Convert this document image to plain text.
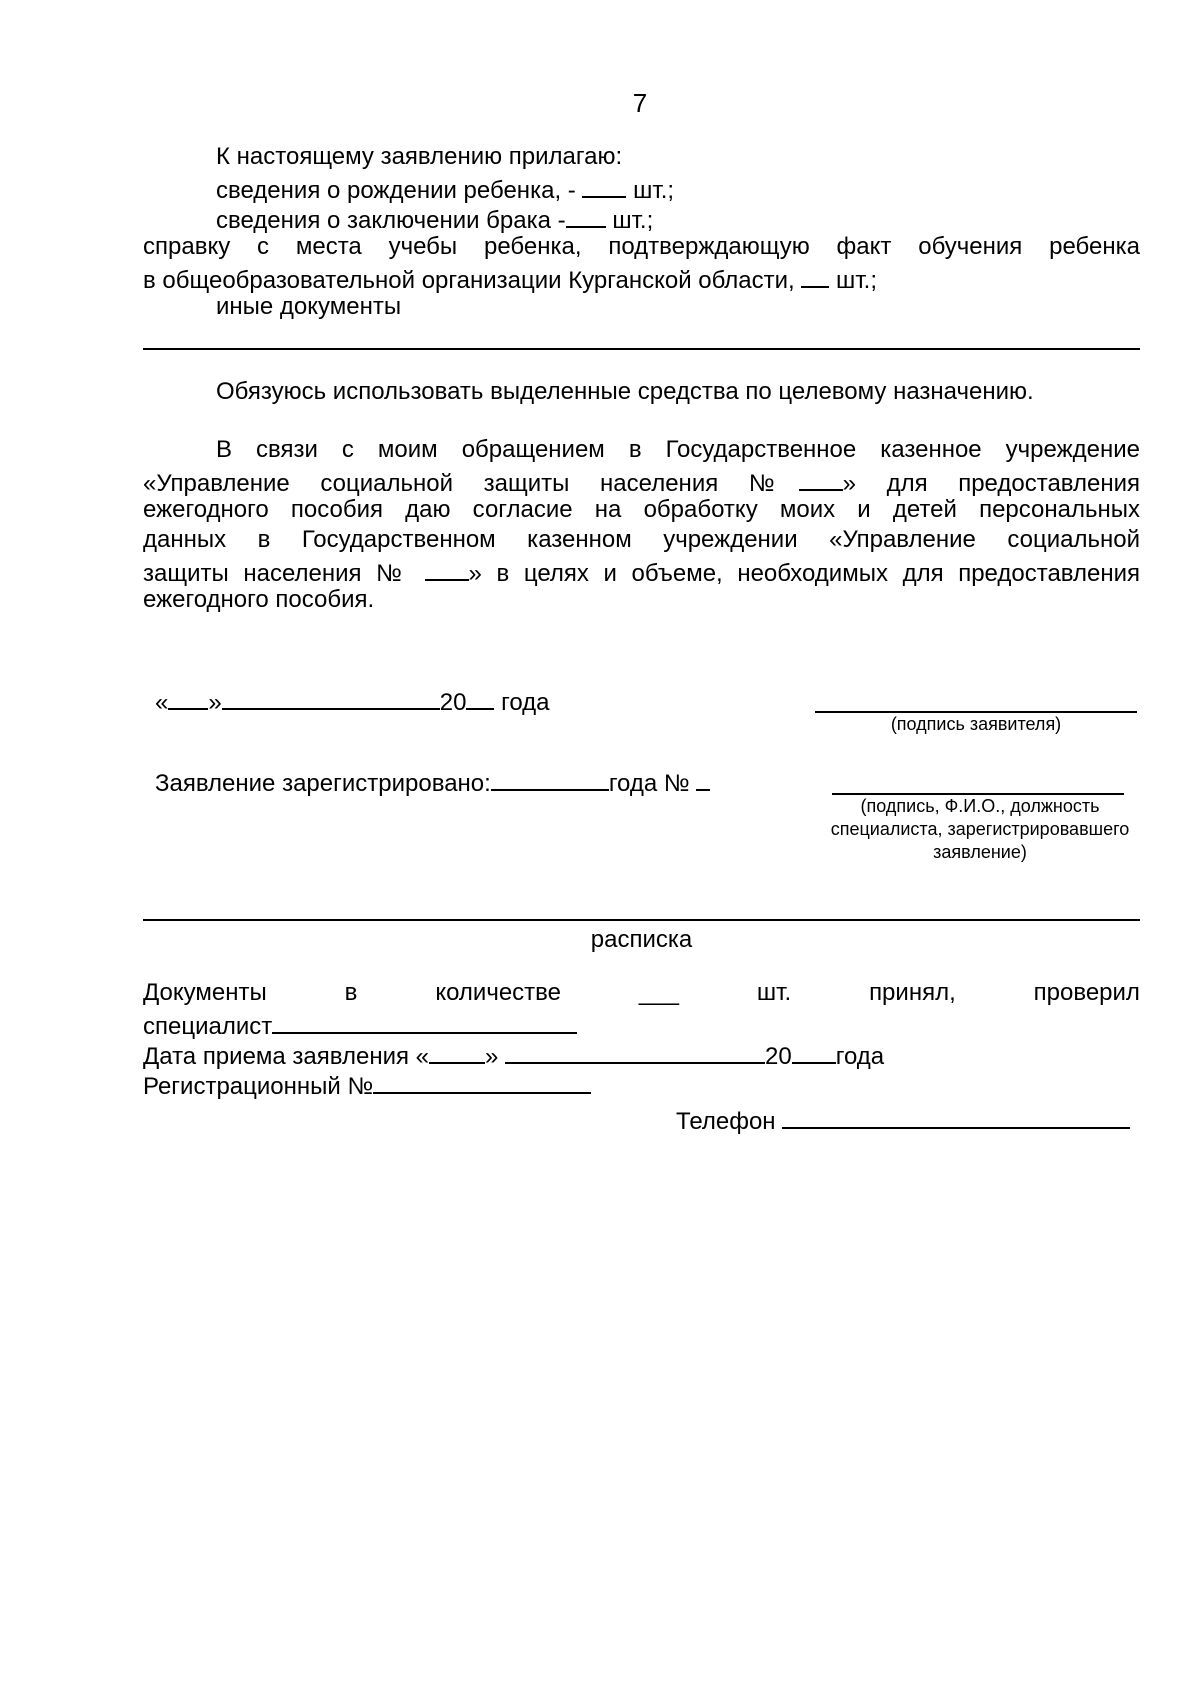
7
К настоящему заявлению прилагаю:
сведения о рождении ребенка, -  шт.;
сведения о заключении брака - шт.;
справку с места учебы ребенка, подтверждающую факт обучения ребенка
в общеобразовательной организации Курганской области,  шт.;
иные документы
Обязуюсь использовать выделенные средства по целевому назначению.
В связи с моим обращением в Государственное казенное учреждение
«Управление социальной защиты населения № » для предоставления
ежегодного пособия даю согласие на обработку моих и детей персональных
данных в Государственном казенном учреждении «Управление социальной
защиты населения № » в целях и объеме, необходимых для предоставления
ежегодного пособия.
« »	20 года
(подпись заявителя)
Заявление зарегистрировано:	года №
(подпись, Ф.И.О., должность
специалиста, зарегистрировавшего
заявление)
расписка
Документы	в	количестве	___	шт.	принял,	проверил
специалист
Дата приема заявления « »	20 года
Регистрационный №
Телефон
